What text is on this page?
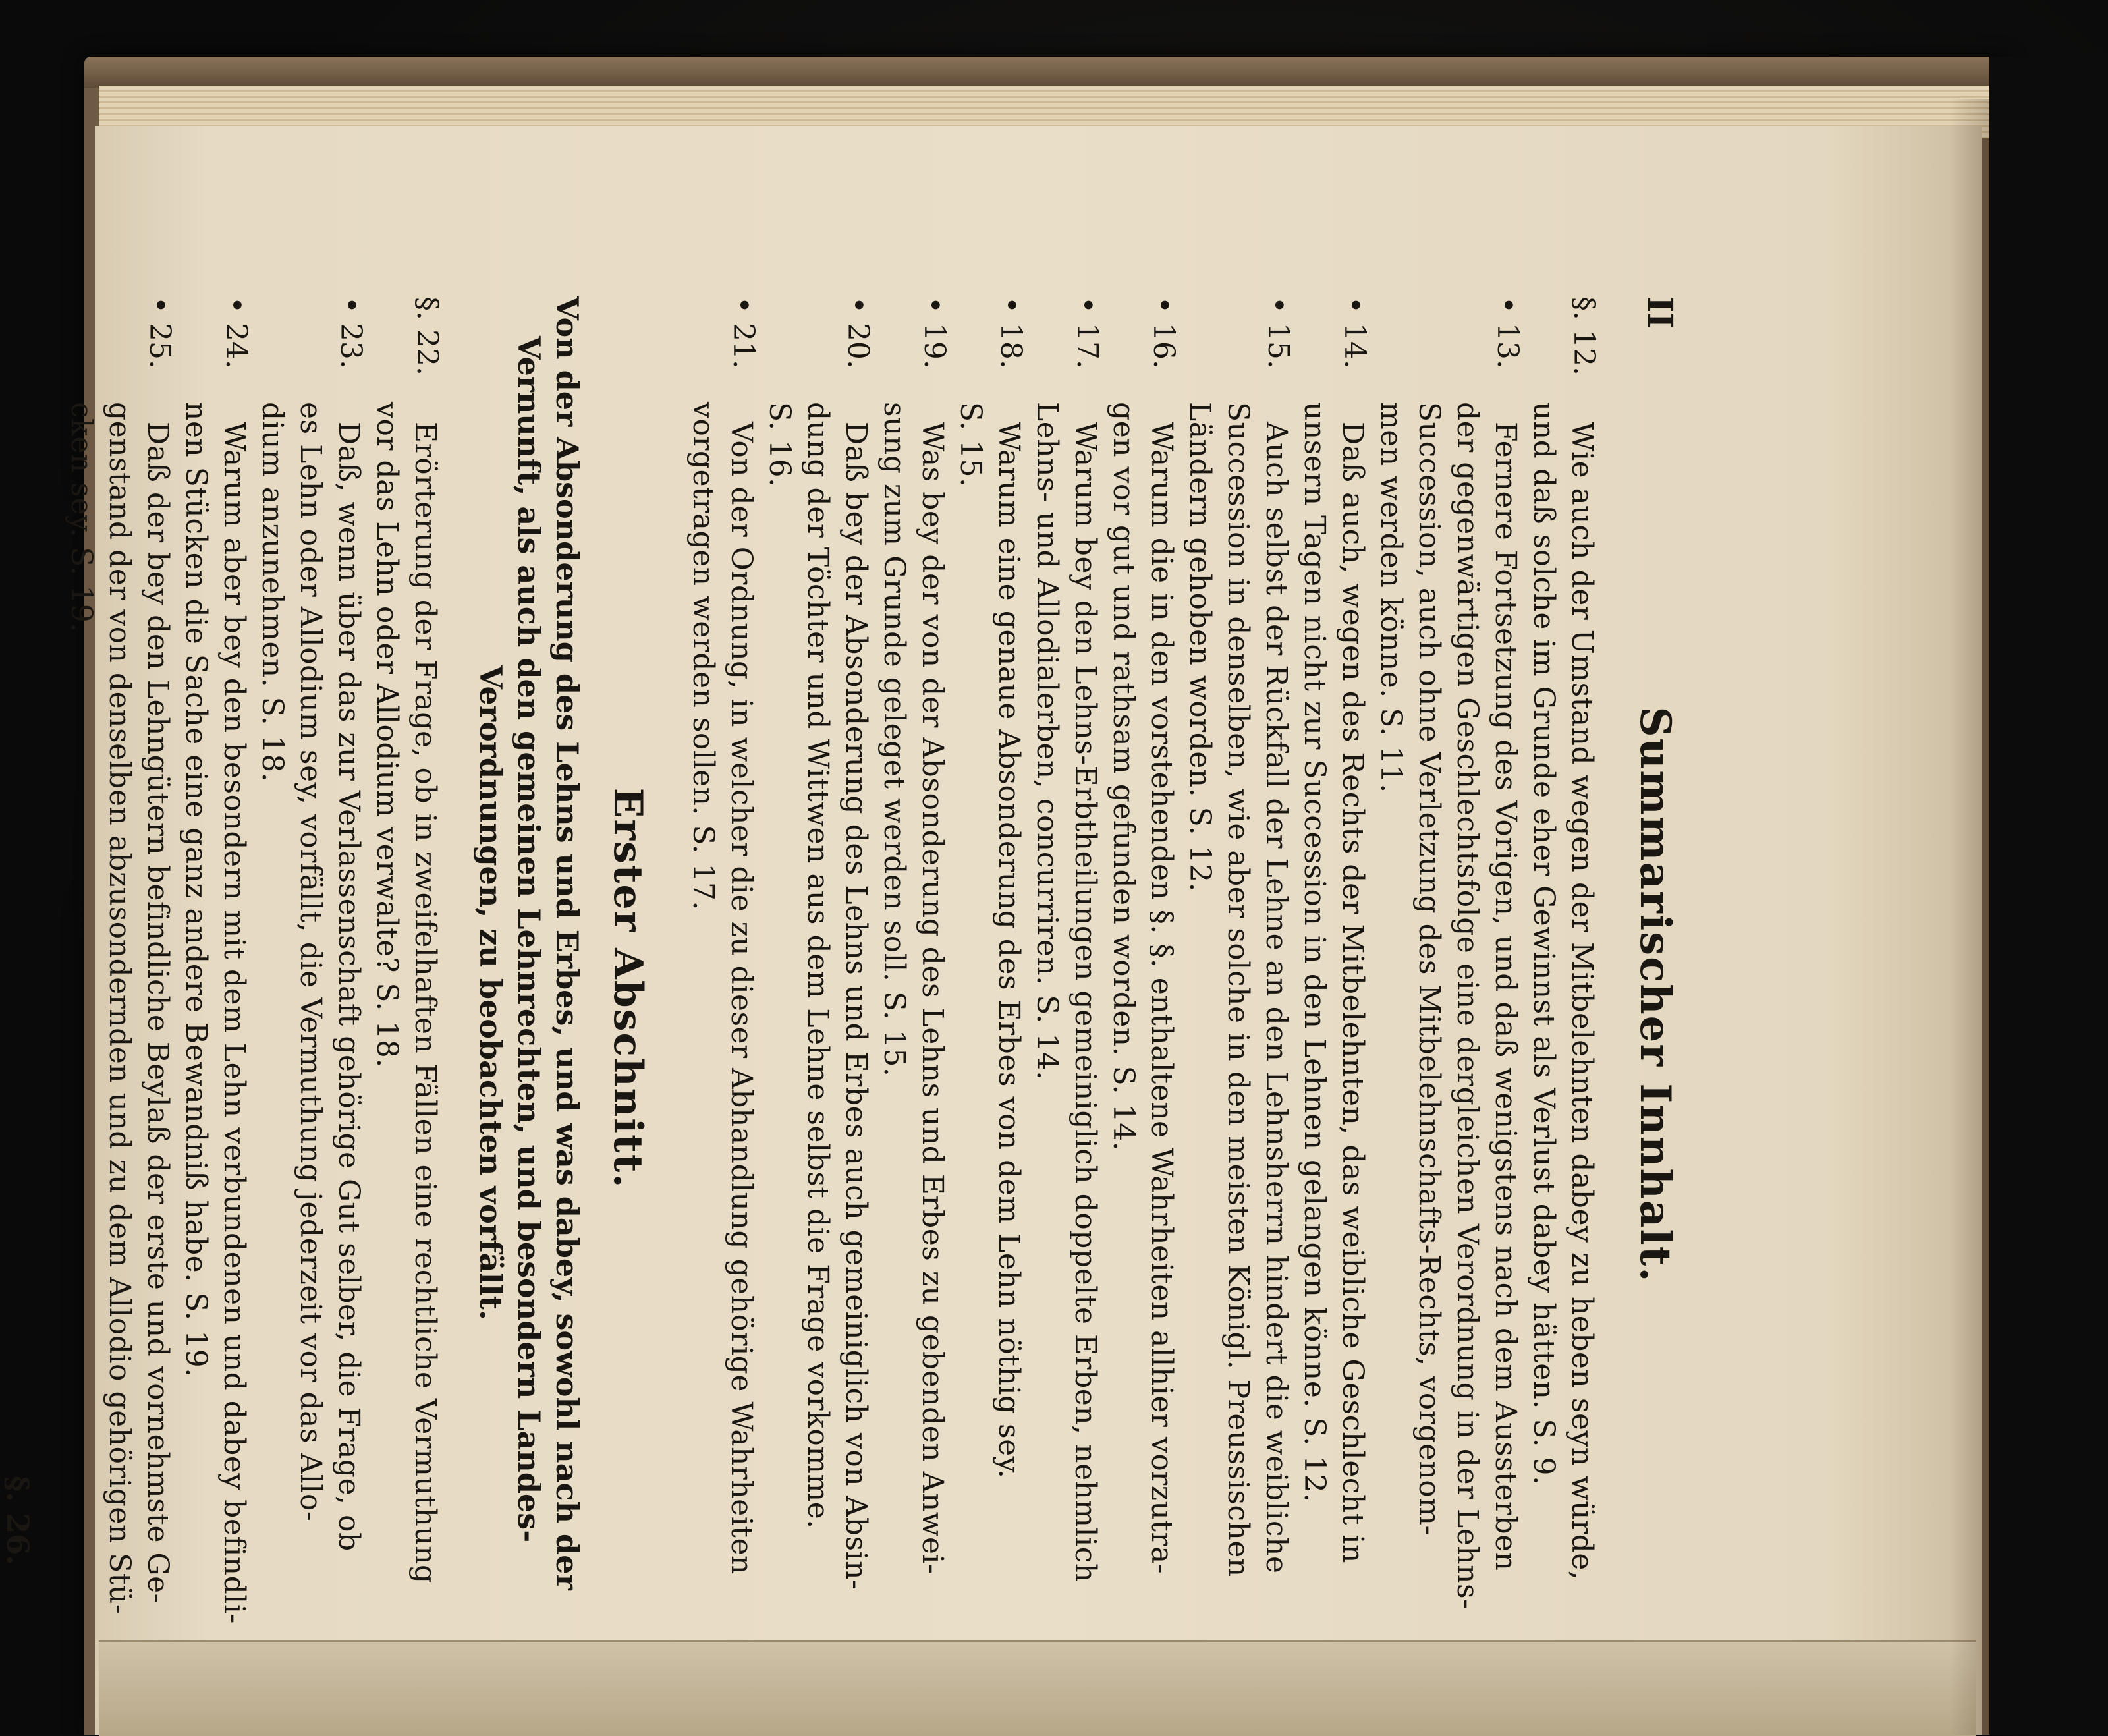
II
Summarischer Innhalt.
§. 12.
Wie auch der Umstand wegen der Mitbelehnten dabey zu heben seyn würde,
und daß solche im Grunde eher Gewinnst als Verlust dabey hätten. S. 9.
• 13.
Fernere Fortsetzung des Vorigen, und daß wenigstens nach dem Aussterben
der gegenwärtigen Geschlechtsfolge eine dergleichen Verordnung in der Lehns-
Succession, auch ohne Verletzung des Mitbelehnschafts-Rechts, vorgenom-
men werden könne. S. 11.
• 14.
Daß auch, wegen des Rechts der Mitbelehnten, das weibliche Geschlecht in
unsern Tagen nicht zur Succession in den Lehnen gelangen könne. S. 12.
• 15.
Auch selbst der Rückfall der Lehne an den Lehnsherrn hindert die weibliche
Succession in denselben, wie aber solche in den meisten Königl. Preussischen
Ländern gehoben worden. S. 12.
• 16.
Warum die in den vorstehenden §. §. enthaltene Wahrheiten allhier vorzutra-
gen vor gut und rathsam gefunden worden. S. 14.
• 17.
Warum bey den Lehns-Erbtheilungen gemeiniglich doppelte Erben, nehmlich
Lehns- und Allodialerben, concurriren. S. 14.
• 18.
Warum eine genaue Absonderung des Erbes von dem Lehn nöthig sey.
S. 15.
• 19.
Was bey der von der Absonderung des Lehns und Erbes zu gebenden Anwei-
sung zum Grunde geleget werden soll. S. 15.
• 20.
Daß bey der Absonderung des Lehns und Erbes auch gemeiniglich von Absin-
dung der Töchter und Wittwen aus dem Lehne selbst die Frage vorkomme.
S. 16.
• 21.
Von der Ordnung, in welcher die zu dieser Abhandlung gehörige Wahrheiten
vorgetragen werden sollen. S. 17.
Erster Abschnitt.
Von der Absonderung des Lehns und Erbes, und was dabey, sowohl nach der
Vernunft, als auch den gemeinen Lehnrechten, und besondern Landes-
Verordnungen, zu beobachten vorfällt.
§. 22.
Erörterung der Frage, ob in zweifelhaften Fällen eine rechtliche Vermuthung
vor das Lehn oder Allodium verwalte? S. 18.
• 23.
Daß, wenn über das zur Verlassenschaft gehörige Gut selber, die Frage, ob
es Lehn oder Allodium sey, vorfällt, die Vermuthung jederzeit vor das Allo-
dium anzunehmen. S. 18.
• 24.
Warum aber bey den besondern mit dem Lehn verbundenen und dabey befindli-
nen Stücken die Sache eine ganz andere Bewandniß habe. S. 19.
• 25.
Daß der bey den Lehngütern befindliche Beylaß der erste und vornehmste Ge-
genstand der von denselben abzusondernden und zu dem Allodio gehörigen Stü-
cken sey. S. 19.
§. 26.
